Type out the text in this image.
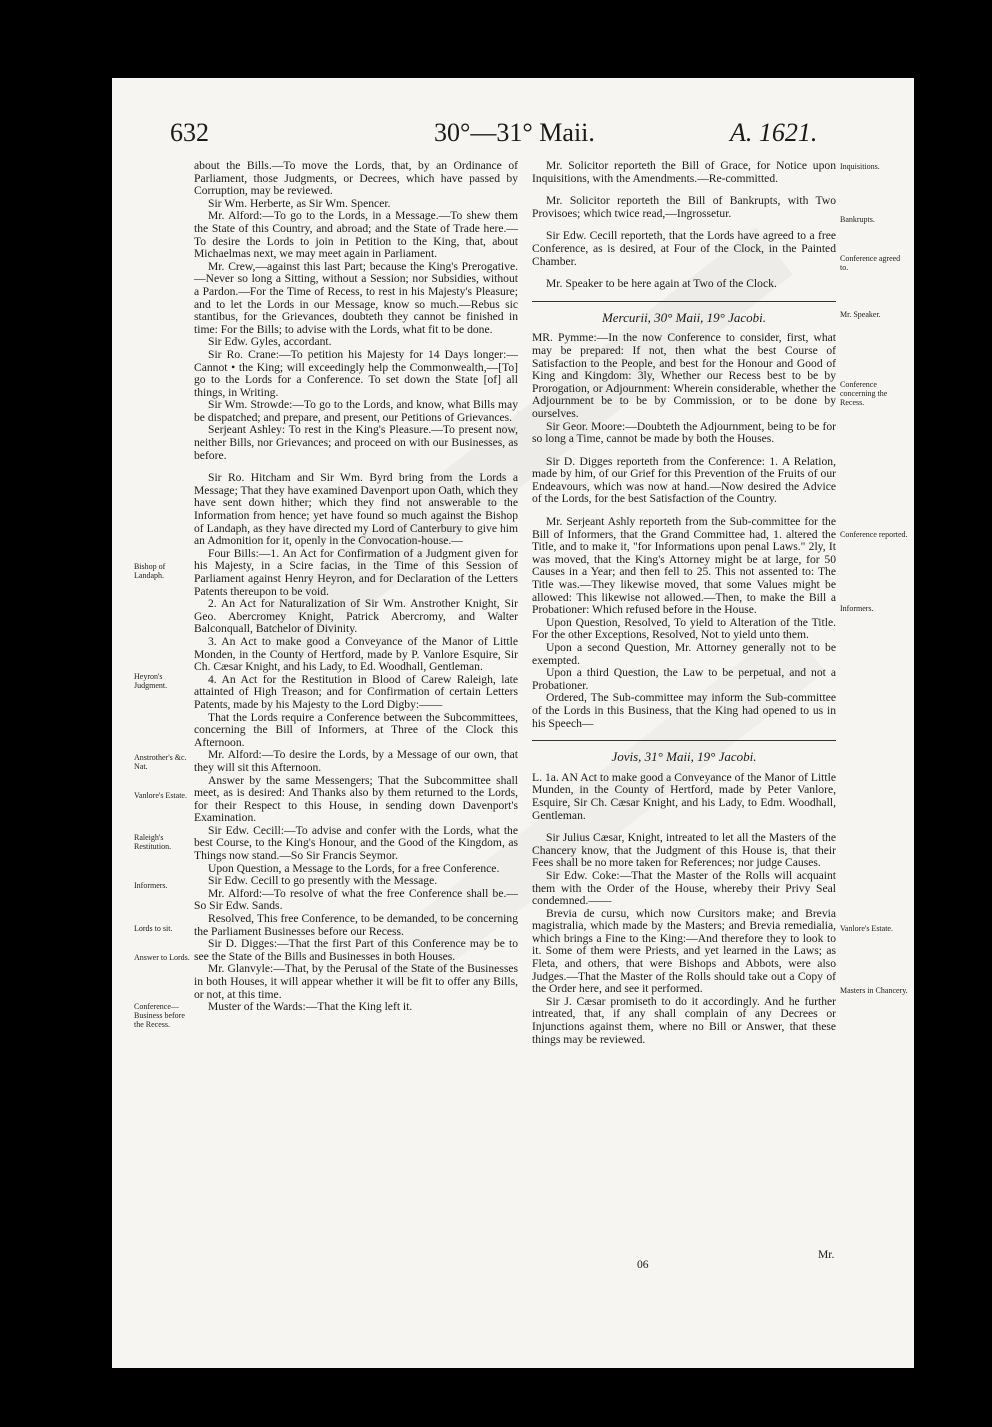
632	30°—31° Maii.	A. 1621.

about the Bills.—To move the Lords, that, by an Ordinance of Parliament, those Judgments, or Decrees, which have passed by Corruption, may be reviewed.

Sir Wm. Herberte, as Sir Wm. Spencer.

Mr. Alford:—To go to the Lords, in a Message.—To shew them the State of this Country, and abroad; and the State of Trade here.—To desire the Lords to join in Petition to the King, that, about Michaelmas next, we may meet again in Parliament.

Mr. Crew,—against this last Part; because the King's Prerogative.—Never so long a Sitting, without a Session; nor Subsidies, without a Pardon.—For the Time of Recess, to rest in his Majesty's Pleasure; and to let the Lords in our Message, know so much.—Rebus sic stantibus, for the Grievances, doubteth they cannot be finished in time: For the Bills; to advise with the Lords, what fit to be done.

Sir Edw. Gyles, accordant.

Sir Ro. Crane:—To petition his Majesty for 14 Days longer:—Cannot • the King; will exceedingly help the Commonwealth,—[To] go to the Lords for a Conference. To set down the State [of] all things, in Writing.

Sir Wm. Strowde:—To go to the Lords, and know, what Bills may be dispatched; and prepare, and present, our Petitions of Grievances.

Serjeant Ashley: To rest in the King's Pleasure.—To present now, neither Bills, nor Grievances; and proceed on with our Businesses, as before.

Sir Ro. Hitcham and Sir Wm. Byrd bring from the Lords a Message; That they have examined Davenport upon Oath, which they have sent down hither; which they find not answerable to the Information from hence; yet have found so much against the Bishop of Landaph, as they have directed my Lord of Canterbury to give him an Admonition for it, openly in the Convocation-house.—

Four Bills:—1. An Act for Confirmation of a Judgment given for his Majesty, in a Scire facias, in the Time of this Session of Parliament against Henry Heyron, and for Declaration of the Letters Patents thereupon to be void.

2. An Act for Naturalization of Sir Wm. Anstrother Knight, Sir Geo. Abercromey Knight, Patrick Abercromy, and Walter Balconquall, Batchelor of Divinity.

3. An Act to make good a Conveyance of the Manor of Little Monden, in the County of Hertford, made by P. Vanlore Esquire, Sir Ch. Cæsar Knight, and his Lady, to Ed. Woodhall, Gentleman.

4. An Act for the Restitution in Blood of Carew Raleigh, late attainted of High Treason; and for Confirmation of certain Letters Patents, made by his Majesty to the Lord Digby:——

That the Lords require a Conference between the Subcommittees, concerning the Bill of Informers, at Three of the Clock this Afternoon.

Mr. Alford:—To desire the Lords, by a Message of our own, that they will sit this Afternoon.

Answer by the same Messengers; That the Subcommittee shall meet, as is desired: And Thanks also by them returned to the Lords, for their Respect to this House, in sending down Davenport's Examination.

Sir Edw. Cecill:—To advise and confer with the Lords, what the best Course, to the King's Honour, and the Good of the Kingdom, as Things now stand.—So Sir Francis Seymor.

Upon Question, a Message to the Lords, for a free Conference.

Sir Edw. Cecill to go presently with the Message.

Mr. Alford:—To resolve of what the free Conference shall be.—So Sir Edw. Sands.

Resolved, This free Conference, to be demanded, to be concerning the Parliament Businesses before our Recess.

Sir D. Digges:—That the first Part of this Conference may be to see the State of the Bills and Businesses in both Houses.

Mr. Glanvyle:—That, by the Perusal of the State of the Businesses in both Houses, it will appear whether it will be fit to offer any Bills, or not, at this time.

Muster of the Wards:—That the King left it.

Bishop of Landaph.
Heyron's Judgment.
Anstrother's &c. Nat.
Vanlore's Estate.
Raleigh's Restitution.
Informers.
Lords to sit.
Answer to Lords.
Conference—Business before the Recess.

Mr. Solicitor reporteth the Bill of Grace, for Notice upon Inquisitions, with the Amendments.—Re-committed.

Mr. Solicitor reporteth the Bill of Bankrupts, with Two Provisoes; which twice read,—Ingrossetur.

Sir Edw. Cecill reporteth, that the Lords have agreed to a free Conference, as is desired, at Four of the Clock, in the Painted Chamber.

Mr. Speaker to be here again at Two of the Clock.

Mercurii, 30° Maii, 19° Jacobi.

MR. Pymme:—In the now Conference to consider, first, what may be prepared: If not, then what the best Course of Satisfaction to the People, and best for the Honour and Good of King and Kingdom: 3ly, Whether our Recess best to be by Prorogation, or Adjournment: Wherein considerable, whether the Adjournment be to be by Commission, or to be done by ourselves.

Sir Geor. Moore:—Doubteth the Adjournment, being to be for so long a Time, cannot be made by both the Houses.

Sir D. Digges reporteth from the Conference: 1. A Relation, made by him, of our Grief for this Prevention of the Fruits of our Endeavours, which was now at hand.—Now desired the Advice of the Lords, for the best Satisfaction of the Country.

Mr. Serjeant Ashly reporteth from the Sub-committee for the Bill of Informers, that the Grand Committee had, 1. altered the Title, and to make it, "for Informations upon penal Laws." 2ly, It was moved, that the King's Attorney might be at large, for 50 Causes in a Year; and then fell to 25. This not assented to: The Title was.—They likewise moved, that some Values might be allowed: This likewise not allowed.—Then, to make the Bill a Probationer: Which refused before in the House.

Upon Question, Resolved, To yield to Alteration of the Title. For the other Exceptions, Resolved, Not to yield unto them.

Upon a second Question, Mr. Attorney generally not to be exempted.

Upon a third Question, the Law to be perpetual, and not a Probationer.

Ordered, The Sub-committee may inform the Sub-committee of the Lords in this Business, that the King had opened to us in his Speech—

Jovis, 31° Maii, 19° Jacobi.

L. 1a. AN Act to make good a Conveyance of the Manor of Little Munden, in the County of Hertford, made by Peter Vanlore, Esquire, Sir Ch. Cæsar Knight, and his Lady, to Edm. Woodhall, Gentleman.

Sir Julius Cæsar, Knight, intreated to let all the Masters of the Chancery know, that the Judgment of this House is, that their Fees shall be no more taken for References; nor judge Causes.

Sir Edw. Coke:—That the Master of the Rolls will acquaint them with the Order of the House, whereby their Privy Seal condemned.——

Brevia de cursu, which now Cursitors make; and Brevia magistralia, which made by the Masters; and Brevia remedialia, which brings a Fine to the King:—And therefore they to look to it. Some of them were Priests, and yet learned in the Laws; as Fleta, and others, that were Bishops and Abbots, were also Judges.—That the Master of the Rolls should take out a Copy of the Order here, and see it performed.

Sir J. Cæsar promiseth to do it accordingly. And he further intreated, that, if any shall complain of any Decrees or Injunctions against them, where no Bill or Answer, that these things may be reviewed.

Inquisitions.
Bankrupts.
Conference agreed to.
Mr. Speaker.
Conference concerning the Recess.
Conference reported.
Informers.
Vanlore's Estate.
Masters in Chancery.
06
Mr.
